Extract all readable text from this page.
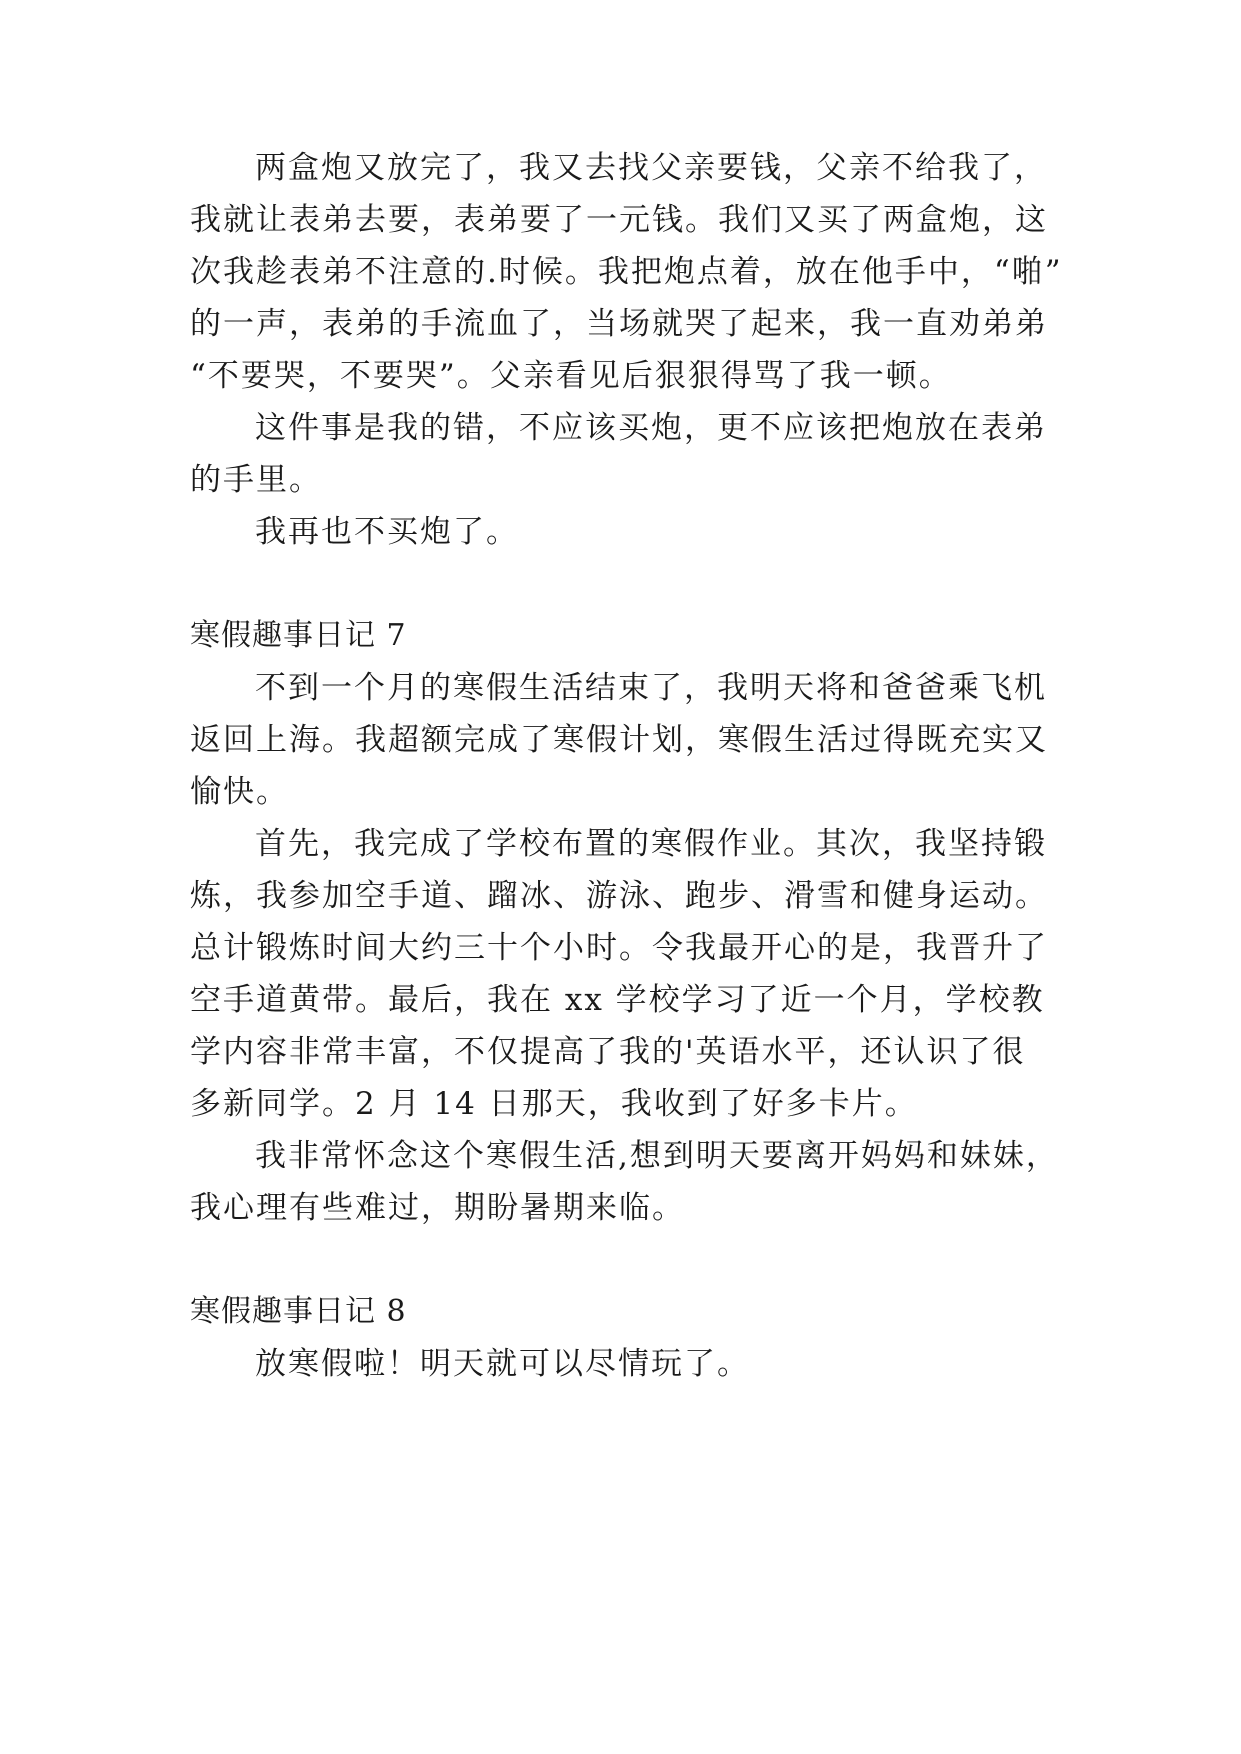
两盒炮又放完了，我又去找父亲要钱，父亲不给我了，
我就让表弟去要，表弟要了一元钱。我们又买了两盒炮，这
次我趁表弟不注意的.时候。我把炮点着，放在他手中，“啪”
的一声，表弟的手流血了，当场就哭了起来，我一直劝弟弟
“不要哭，不要哭”。父亲看见后狠狠得骂了我一顿。
这件事是我的错，不应该买炮，更不应该把炮放在表弟
的手里。
我再也不买炮了。
寒假趣事日记 7
不到一个月的寒假生活结束了，我明天将和爸爸乘飞机
返回上海。我超额完成了寒假计划，寒假生活过得既充实又
愉快。
首先，我完成了学校布置的寒假作业。其次，我坚持锻
炼，我参加空手道、蹓冰、游泳、跑步、滑雪和健身运动。
总计锻炼时间大约三十个小时。令我最开心的是，我晋升了
空手道黄带。最后，我在 xx 学校学习了近一个月，学校教
学内容非常丰富，不仅提高了我的'英语水平，还认识了很
多新同学。2 月 14 日那天，我收到了好多卡片。
我非常怀念这个寒假生活,想到明天要离开妈妈和妹妹，
我心理有些难过，期盼暑期来临。
寒假趣事日记 8
放寒假啦！明天就可以尽情玩了。
